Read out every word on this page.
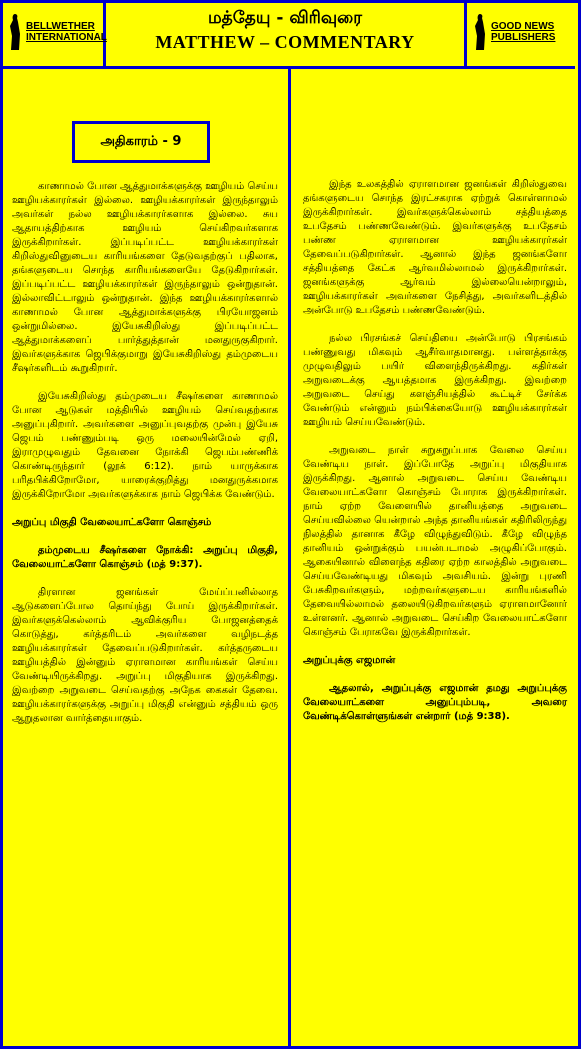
BELLWETHER
INTERNATIONAL
மத்தேயு - விரிவுரை
MATTHEW – COMMENTARY
GOOD NEWS
PUBLISHERS
அதிகாரம் - 9

காணாமல் போன ஆத்துமாக்களுக்கு ஊழியம் செய்ய ஊழியக்காரர்கள் இல்லை. ஊழியக்காரர்கள் இருந்தாலும் அவர்கள் நல்ல ஊழியக்காரர்களாக இல்லை. சுய ஆதாயத்திற்காக ஊழியம் செய்கிறவர்களாக இருக்கிறார்கள். இப்படிப்பட்ட ஊழியக்காரர்கள் கிறிஸ்துவினுடைய காரியங்களை தேடுவதற்குப் பதிலாக, தங்களுடைய சொந்த காரியங்களையே தேடுகிறார்கள். இப்படிப்பட்ட ஊழியக்காரர்கள் இருந்தாலும் ஒன்றுதான். இல்லாவிட்டாலும் ஒன்றுதான். இந்த ஊழியக்காரர்களால் காணாமல் போன ஆத்துமாக்களுக்கு பிரயோஜனம் ஒன்றுமில்லை. இயேசுகிறிஸ்து இப்படிப்பட்ட ஆத்துமாக்களைப் பார்த்துத்தான் மனதுருகுகிறார். இவர்களுக்காக ஜெபிக்குமாறு இயேசுகிறிஸ்து தம்முடைய சீஷர்களிடம் கூறுகிறார்.

இயேசுகிறிஸ்து தம்முடைய சீஷர்களை காணாமல் போன ஆடுகள் மத்தியில் ஊழியம் செய்வதற்காக அனுப்புகிறார். அவர்களை அனுப்புவதற்கு முன்பு இயேசு ஜெபம் பண்ணும்படி ஒரு மலையின்மேல் ஏறி, இராமுழுவதும் தேவனை நோக்கி ஜெபம்பண்ணிக் கொண்டிருந்தார் (லூக் 6:12). நாம் யாருக்காக பரிதபிக்கிறோமோ, யாரைக்குறித்து மனதுருக்கமாக இருக்கிறோமோ அவர்களுக்காக நாம் ஜெபிக்க வேண்டும்.

அறுப்பு மிகுதி வேலையாட்களோ கொஞ்சம்
தம்முடைய சீஷர்களை நோக்கி: அறுப்பு மிகுதி, வேலையாட்களோ கொஞ்சம் (மத் 9:37).

திரளான ஜனங்கள் மேய்ப்பனில்லாத ஆடுகளைப்போல தொய்ந்து போய் இருக்கிறார்கள். இவர்களுக்கெல்லாம் ஆவிக்குரிய போஜனத்தைக் கொடுத்து, கர்த்தரிடம் அவர்களை வழிநடத்த ஊழியக்காரர்கள் தேவைப்படுகிறார்கள். கர்த்தருடைய ஊழியத்தில் இன்னும் ஏராளமான காரியங்கள் செய்ய வேண்டியிருக்கிறது. அறுப்பு மிகுதியாக இருக்கிறது. இவற்றை அறுவடை செய்வதற்கு அநேக கைகள் தேவை. ஊழியக்காரர்களுக்கு அறுப்பு மிகுதி என்னும் சத்தியம் ஒரு ஆறுதலான வார்த்தையாகும்.

இந்த உலகத்தில் ஏராளமான ஜனங்கள் கிறிஸ்துவை தங்களுடைய சொந்த இரட்சகராக ஏற்றுக் கொள்ளாமல் இருக்கிறார்கள். இவர்களுக்கெல்லாம் சத்தியத்தை உபதேசம் பண்ணவேண்டும். இவர்களுக்கு உபதேசம் பண்ண ஏராளமான ஊழியக்காரர்கள் தேவைப்படுகிறார்கள். ஆனால் இந்த ஜனங்களோ சத்தியத்தை கேட்க ஆர்வமில்லாமல் இருக்கிறார்கள். ஜனங்களுக்கு ஆர்வம் இல்லையென்றாலும், ஊழியக்காரர்கள் அவர்களை நேசித்து, அவர்களிடத்தில் அன்போடு உபதேசம் பண்ணவேண்டும்.

நல்ல பிரசங்கச் செய்தியை அன்போடு பிரசங்கம் பண்ணுவது மிகவும் ஆசீர்வாதமானது. பள்ளத்தாக்கு முழுவதிலும் பயிர் விளைந்திருக்கிறது. கதிர்கள் அறுவடைக்கு ஆயத்தமாக இருக்கிறது. இவற்றை அறுவடை செய்து களஞ்சியத்தில் கூட்டிச் சேர்க்க வேண்டும் என்னும் நம்பிக்கையோடு ஊழியக்காரர்கள் ஊழியம் செய்யவேண்டும்.

அறுவடை நாள் சுறுசுறுப்பாக வேலை செய்ய வேண்டிய நாள். இப்போதே அறுப்பு மிகுதியாக இருக்கிறது. ஆனால் அறுவடை செய்ய வேண்டிய வேலையாட்களோ கொஞ்சம் போராக இருக்கிறார்கள். நாம் ஏற்ற வேளையில் தானியத்தை அறுவடை செய்யவில்லை யென்றால் அந்த தானியங்கள் கதிரிலிருந்து நிலத்தில் தானாக கீழே விழுந்துவிடும். கீழே விழுந்த தானியம் ஒன்றுக்கும் பயன்படாமல் அழுகிப்போகும். ஆகையினால் விளைந்த கதிரை ஏற்ற காலத்தில் அறுவடை செய்யவேண்டியது மிகவும் அவசியம். இன்று புரணி பேசுகிறவர்களும், மற்றவர்களுடைய காரியங்களில் தேவையில்லாமல் தலையிடுகிறவர்களும் ஏராளமானோர் உள்ளனர். ஆனால் அறுவடை செய்கிற வேலையாட்களோ கொஞ்சம் பேராகவே இருக்கிறார்கள்.

அறுப்புக்கு எஜமான்
ஆதலால், அறுப்புக்கு எஜமான் தமது அறுப்புக்கு வேலையாட்களை அனுப்பும்படி, அவரை வேண்டிக்கொள்ளுங்கள் என்றார் (மத் 9:38).
